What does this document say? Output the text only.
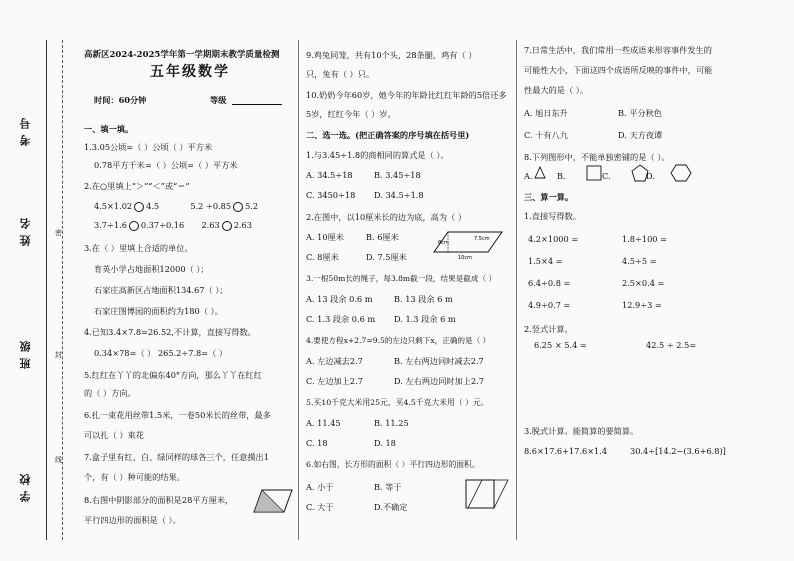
考号
姓名
班级
学校
密
封
线
高新区2024-2025学年第一学期期末教学质量检测
五年级数学
时间：60分钟	等级
一、填一填。
1.3.05公顷=（ ）公顷（ ）平方米
0.78平方千米=（ ）公顷=（ ）平方米
2.在○里填上“＞”“＜”或“＝”
4.5×1.02 4.5	5.2 ÷0.85 5.2
3.7÷1.6 0.37÷0.16 2.63 2.63
3.在（ ）里填上合适的单位。
育英小学占地面积12000（ ）；
石家庄高新区占地面积134.67（ ）；
石家庄图博园的面积约为180（ ）。
4.已知3.4×7.8=26.52,不计算，直接写得数。
0.34×78=（ ） 265.2÷7.8=（ ）
5.红红在丫丫的北偏东40°方向，那么丫丫在红红
的（ ）方向。
6.扎一束花用丝带1.5米，一卷50米长的丝带，最多
可以扎（ ）束花
7.盒子里有红、白、绿同样的球各三个，任意摸出1
个，有（ ）种可能的结果。
8.右图中阴影部分的面积是28平方厘米，
平行四边形的面积是（ ）。
9.鸡兔同笼，共有10个头，28条腿，鸡有（ ）
只，兔有（ ）只。
10.奶奶今年60岁，她今年的年龄比红红年龄的5倍还多
5岁，红红今年（ ）岁。
二、选一选。(把正确答案的序号填在括号里)
1.与3.45÷1.8的商相同的算式是（ ）。
A. 34.5÷18	B. 3.45÷18
C. 3450÷18 D. 34.5÷1.8
2.在图中，以10厘米长的边为底，高为（ ）
A. 10厘米	B. 6厘米
C. 8厘米	D. 7.5厘米
8cm
7.5cm
10cm
3.一根50m长的绳子，每3.8m截一段，结果是截成（ ）
A. 13 段余 0.6 m	B. 13 段余 6 m
C. 1.3 段余 0.6 m D. 1.3 段余 6 m
4.要使方程x+2.7=9.5的左边只剩下x，正确的是（ ）
A. 左边减去2.7	B. 左右两边同时减去2.7
C. 左边加上2.7	D. 左右两边同时加上2.7
5.买10千克大米用25元，买4.5千克大米用（ ）元。
A. 11.45	B. 11.25
C. 18	D. 18
6.如右图，长方形的面积（ ）平行四边形的面积。
A. 小于	B. 等于
C. 大于	D.不确定
7.日常生活中，我们常用一些成语来形容事件发生的
可能性大小，下面这四个成语所反映的事件中，可能
性最大的是（ ）。
A. 旭日东升	B. 平分秋色
C. 十有八九	D. 天方夜谭
8.下列图形中，不能单独密铺的是（ ）。
A.	B.	C.	D.
三、算一算。
1.直接写得数。
4.2×1000 =	1.8÷100 =
1.5×4 =	4.5÷5 =
6.4÷0.8 =	2.5×0.4 =
4.9÷0.7 =	12.9÷3 =
2.竖式计算。
6.25 × 5.4 =	42.5 ÷ 2.5=
3.脱式计算。能简算的要简算。
8.6×17.6+17.6×1.4	30.4÷[14.2−(3.6+6.8)]
